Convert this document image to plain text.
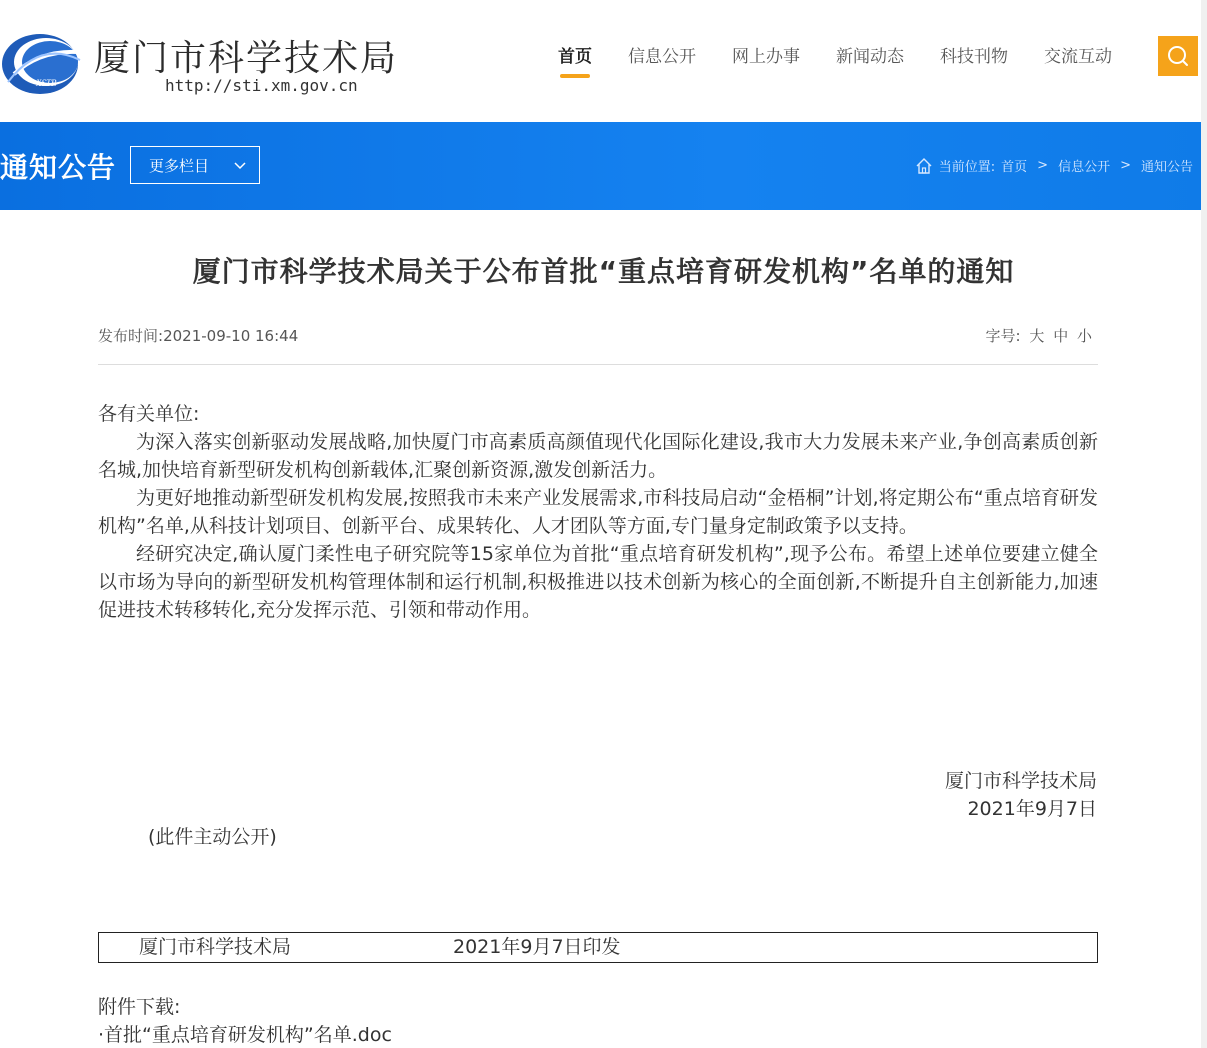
XSTB
厦门市科学技术局
http://sti.xm.gov.cn
首页	信息公开	网上办事	新闻动态	科技刊物	交流互动
通知公告 更多栏目	当前位置: 首页 > 信息公开 > 通知公告
厦门市科学技术局关于公布首批“重点培育研发机构”名单的通知
发布时间:2021-09-10 16:44	字号: 大 中 小

各有关单位:

为深入落实创新驱动发展战略,加快厦门市高素质高颜值现代化国际化建设,我市大力发展未来产业,争创高素质创新名城,加快培育新型研发机构创新载体,汇聚创新资源,激发创新活力。

为更好地推动新型研发机构发展,按照我市未来产业发展需求,市科技局启动“金梧桐”计划,将定期公布“重点培育研发机构”名单,从科技计划项目、创新平台、成果转化、人才团队等方面,专门量身定制政策予以支持。

经研究决定,确认厦门柔性电子研究院等15家单位为首批“重点培育研发机构”,现予公布。希望上述单位要建立健全以市场为导向的新型研发机构管理体制和运行机制,积极推进以技术创新为核心的全面创新,不断提升自主创新能力,加速促进技术转移转化,充分发挥示范、引领和带动作用。

厦门市科学技术局
2021年9月7日
(此件主动公开)
厦门市科学技术局	2021年9月7日印发
附件下载:
·首批“重点培育研发机构”名单.doc
